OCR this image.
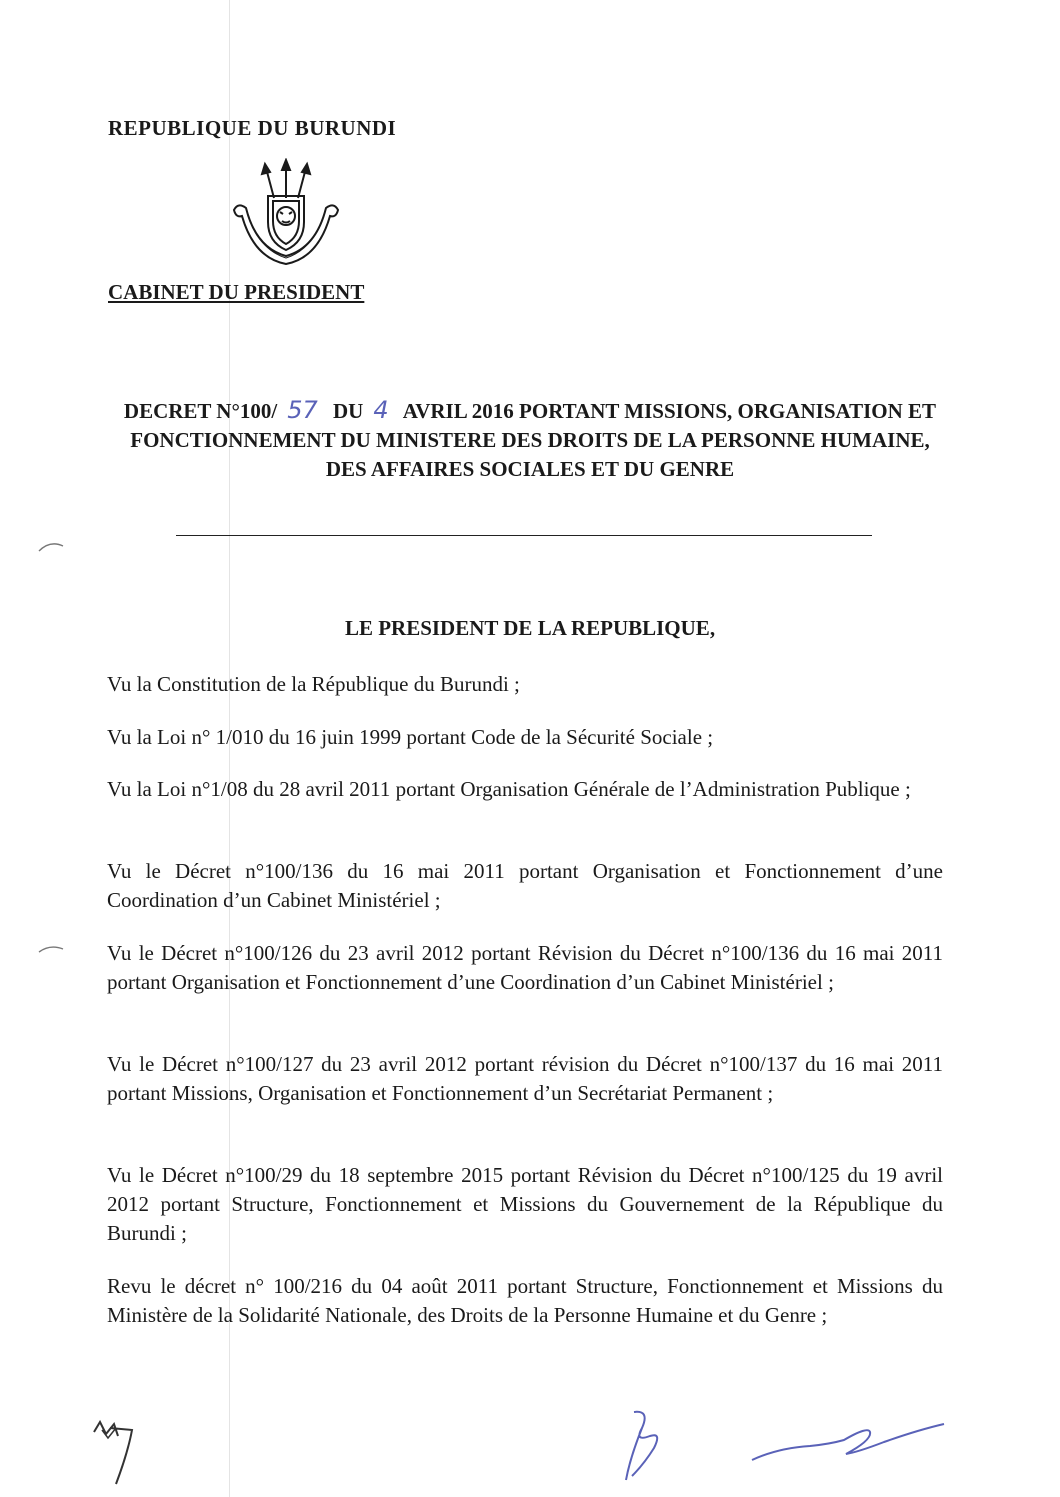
REPUBLIQUE DU BURUNDI
CABINET DU PRESIDENT
DECRET N°100/ 57 DU 4 AVRIL 2016 PORTANT MISSIONS, ORGANISATION ET FONCTIONNEMENT DU MINISTERE DES DROITS DE LA PERSONNE HUMAINE, DES AFFAIRES SOCIALES ET DU GENRE
LE PRESIDENT DE LA REPUBLIQUE,
Vu la Constitution de la République du Burundi ;
Vu la Loi n° 1/010 du 16 juin 1999 portant Code de la Sécurité Sociale ;
Vu la Loi n°1/08 du 28 avril 2011 portant Organisation Générale de l’Administration Publique ;
Vu le Décret n°100/136 du 16 mai 2011 portant Organisation et Fonctionnement d’une Coordination d’un Cabinet Ministériel ;
Vu le Décret n°100/126 du 23 avril 2012 portant Révision du Décret n°100/136 du 16 mai 2011 portant Organisation et Fonctionnement d’une Coordination d’un Cabinet Ministériel ;
Vu le Décret n°100/127 du 23 avril 2012 portant révision du Décret n°100/137 du 16 mai 2011 portant Missions, Organisation et Fonctionnement d’un Secrétariat Permanent ;
Vu le Décret n°100/29 du 18 septembre 2015 portant Révision du Décret n°100/125 du 19 avril 2012 portant Structure, Fonctionnement et Missions du Gouvernement de la République du Burundi ;
Revu le décret n° 100/216 du 04 août 2011 portant Structure, Fonctionnement et Missions du Ministère de la Solidarité Nationale, des Droits de la Personne Humaine et du Genre ;
